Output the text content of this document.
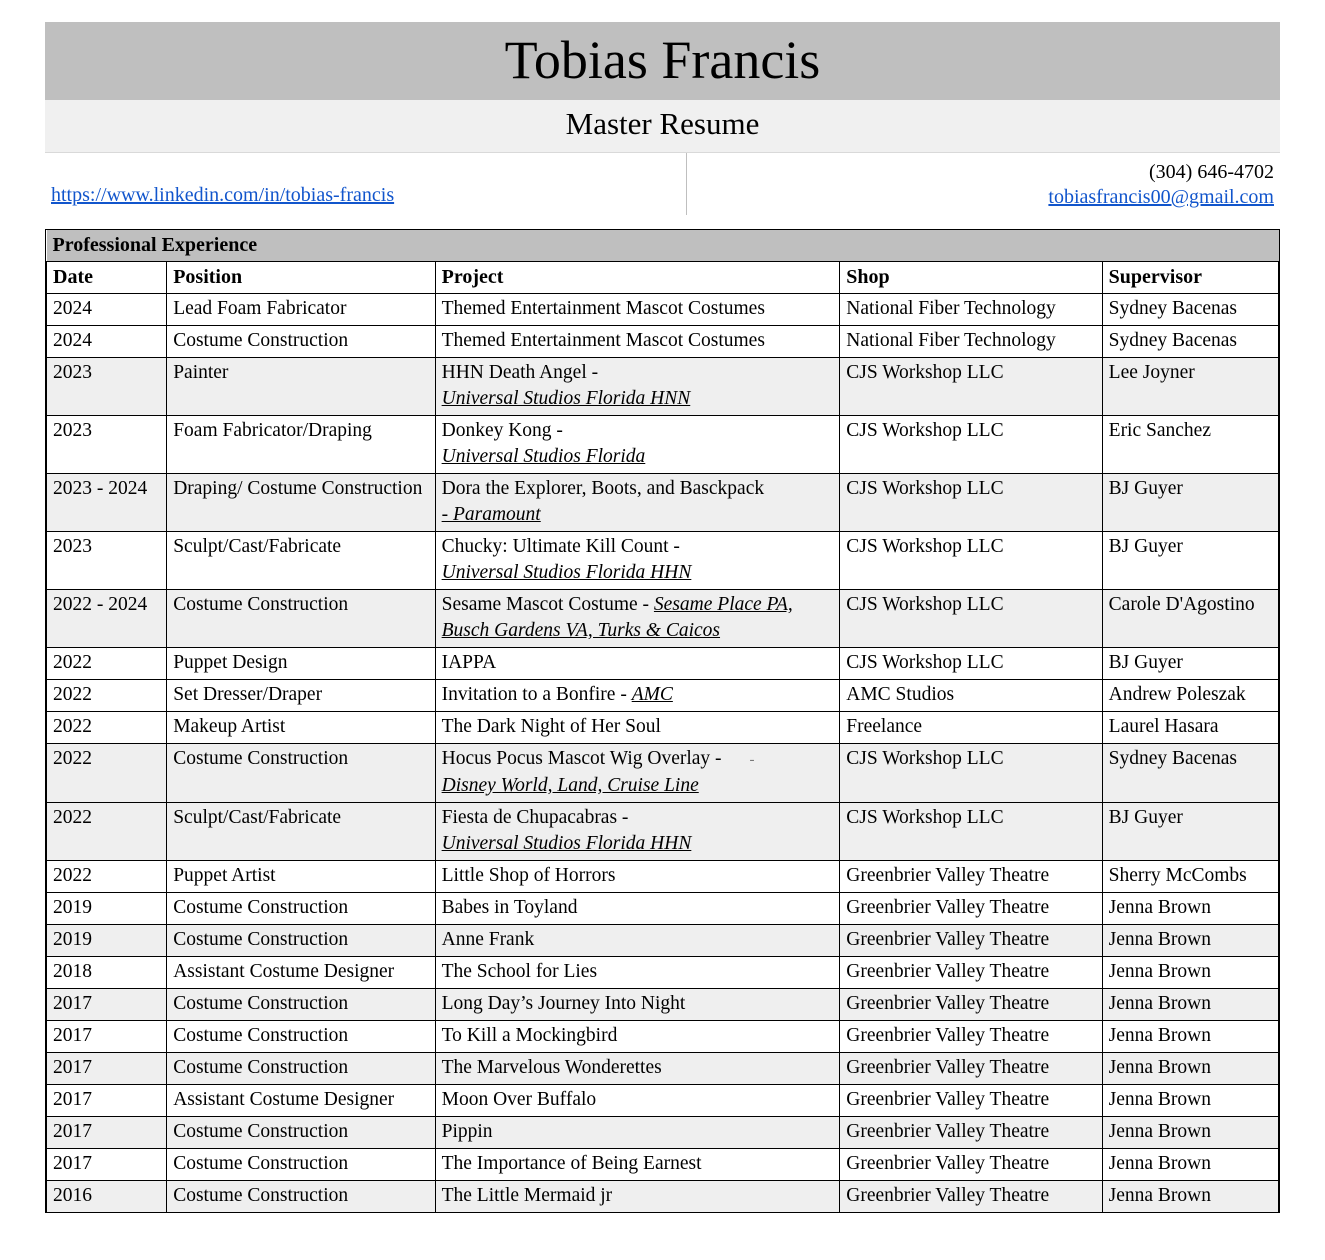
Tobias Francis
Master Resume
https://www.linkedin.com/in/tobias-francis
(304) 646-4702
tobiasfrancis00@gmail.com
Professional Experience				
Date	Position	Project	Shop	Supervisor
2024	Lead Foam Fabricator	Themed Entertainment Mascot Costumes	National Fiber Technology	Sydney Bacenas
2024	Costume Construction	Themed Entertainment Mascot Costumes	National Fiber Technology	Sydney Bacenas
2023	Painter	HHN Death Angel -
Universal Studios Florida HNN	CJS Workshop LLC	Lee Joyner
2023	Foam Fabricator/Draping	Donkey Kong -
Universal Studios Florida	CJS Workshop LLC	Eric Sanchez
2023 - 2024	Draping/ Costume Construction	Dora the Explorer, Boots, and Basckpack
- Paramount	CJS Workshop LLC	BJ Guyer
2023	Sculpt/Cast/Fabricate	Chucky: Ultimate Kill Count -
Universal Studios Florida HHN	CJS Workshop LLC	BJ Guyer
2022 - 2024	Costume Construction	Sesame Mascot Costume - Sesame Place PA, Busch Gardens VA, Turks & Caicos	CJS Workshop LLC	Carole D'Agostino
2022	Puppet Design	IAPPA	CJS Workshop LLC	BJ Guyer
2022	Set Dresser/Draper	Invitation to a Bonfire - AMC	AMC Studios	Andrew Poleszak
2022	Makeup Artist	The Dark Night of Her Soul	Freelance	Laurel Hasara
2022	Costume Construction	Hocus Pocus Mascot Wig Overlay - -
Disney World, Land, Cruise Line	CJS Workshop LLC	Sydney Bacenas
2022	Sculpt/Cast/Fabricate	Fiesta de Chupacabras -
Universal Studios Florida HHN	CJS Workshop LLC	BJ Guyer
2022	Puppet Artist	Little Shop of Horrors	Greenbrier Valley Theatre	Sherry McCombs
2019	Costume Construction	Babes in Toyland	Greenbrier Valley Theatre	Jenna Brown
2019	Costume Construction	Anne Frank	Greenbrier Valley Theatre	Jenna Brown
2018	Assistant Costume Designer	The School for Lies	Greenbrier Valley Theatre	Jenna Brown
2017	Costume Construction	Long Day’s Journey Into Night	Greenbrier Valley Theatre	Jenna Brown
2017	Costume Construction	To Kill a Mockingbird	Greenbrier Valley Theatre	Jenna Brown
2017	Costume Construction	The Marvelous Wonderettes	Greenbrier Valley Theatre	Jenna Brown
2017	Assistant Costume Designer	Moon Over Buffalo	Greenbrier Valley Theatre	Jenna Brown
2017	Costume Construction	Pippin	Greenbrier Valley Theatre	Jenna Brown
2017	Costume Construction	The Importance of Being Earnest	Greenbrier Valley Theatre	Jenna Brown
2016	Costume Construction	The Little Mermaid jr	Greenbrier Valley Theatre	Jenna Brown
